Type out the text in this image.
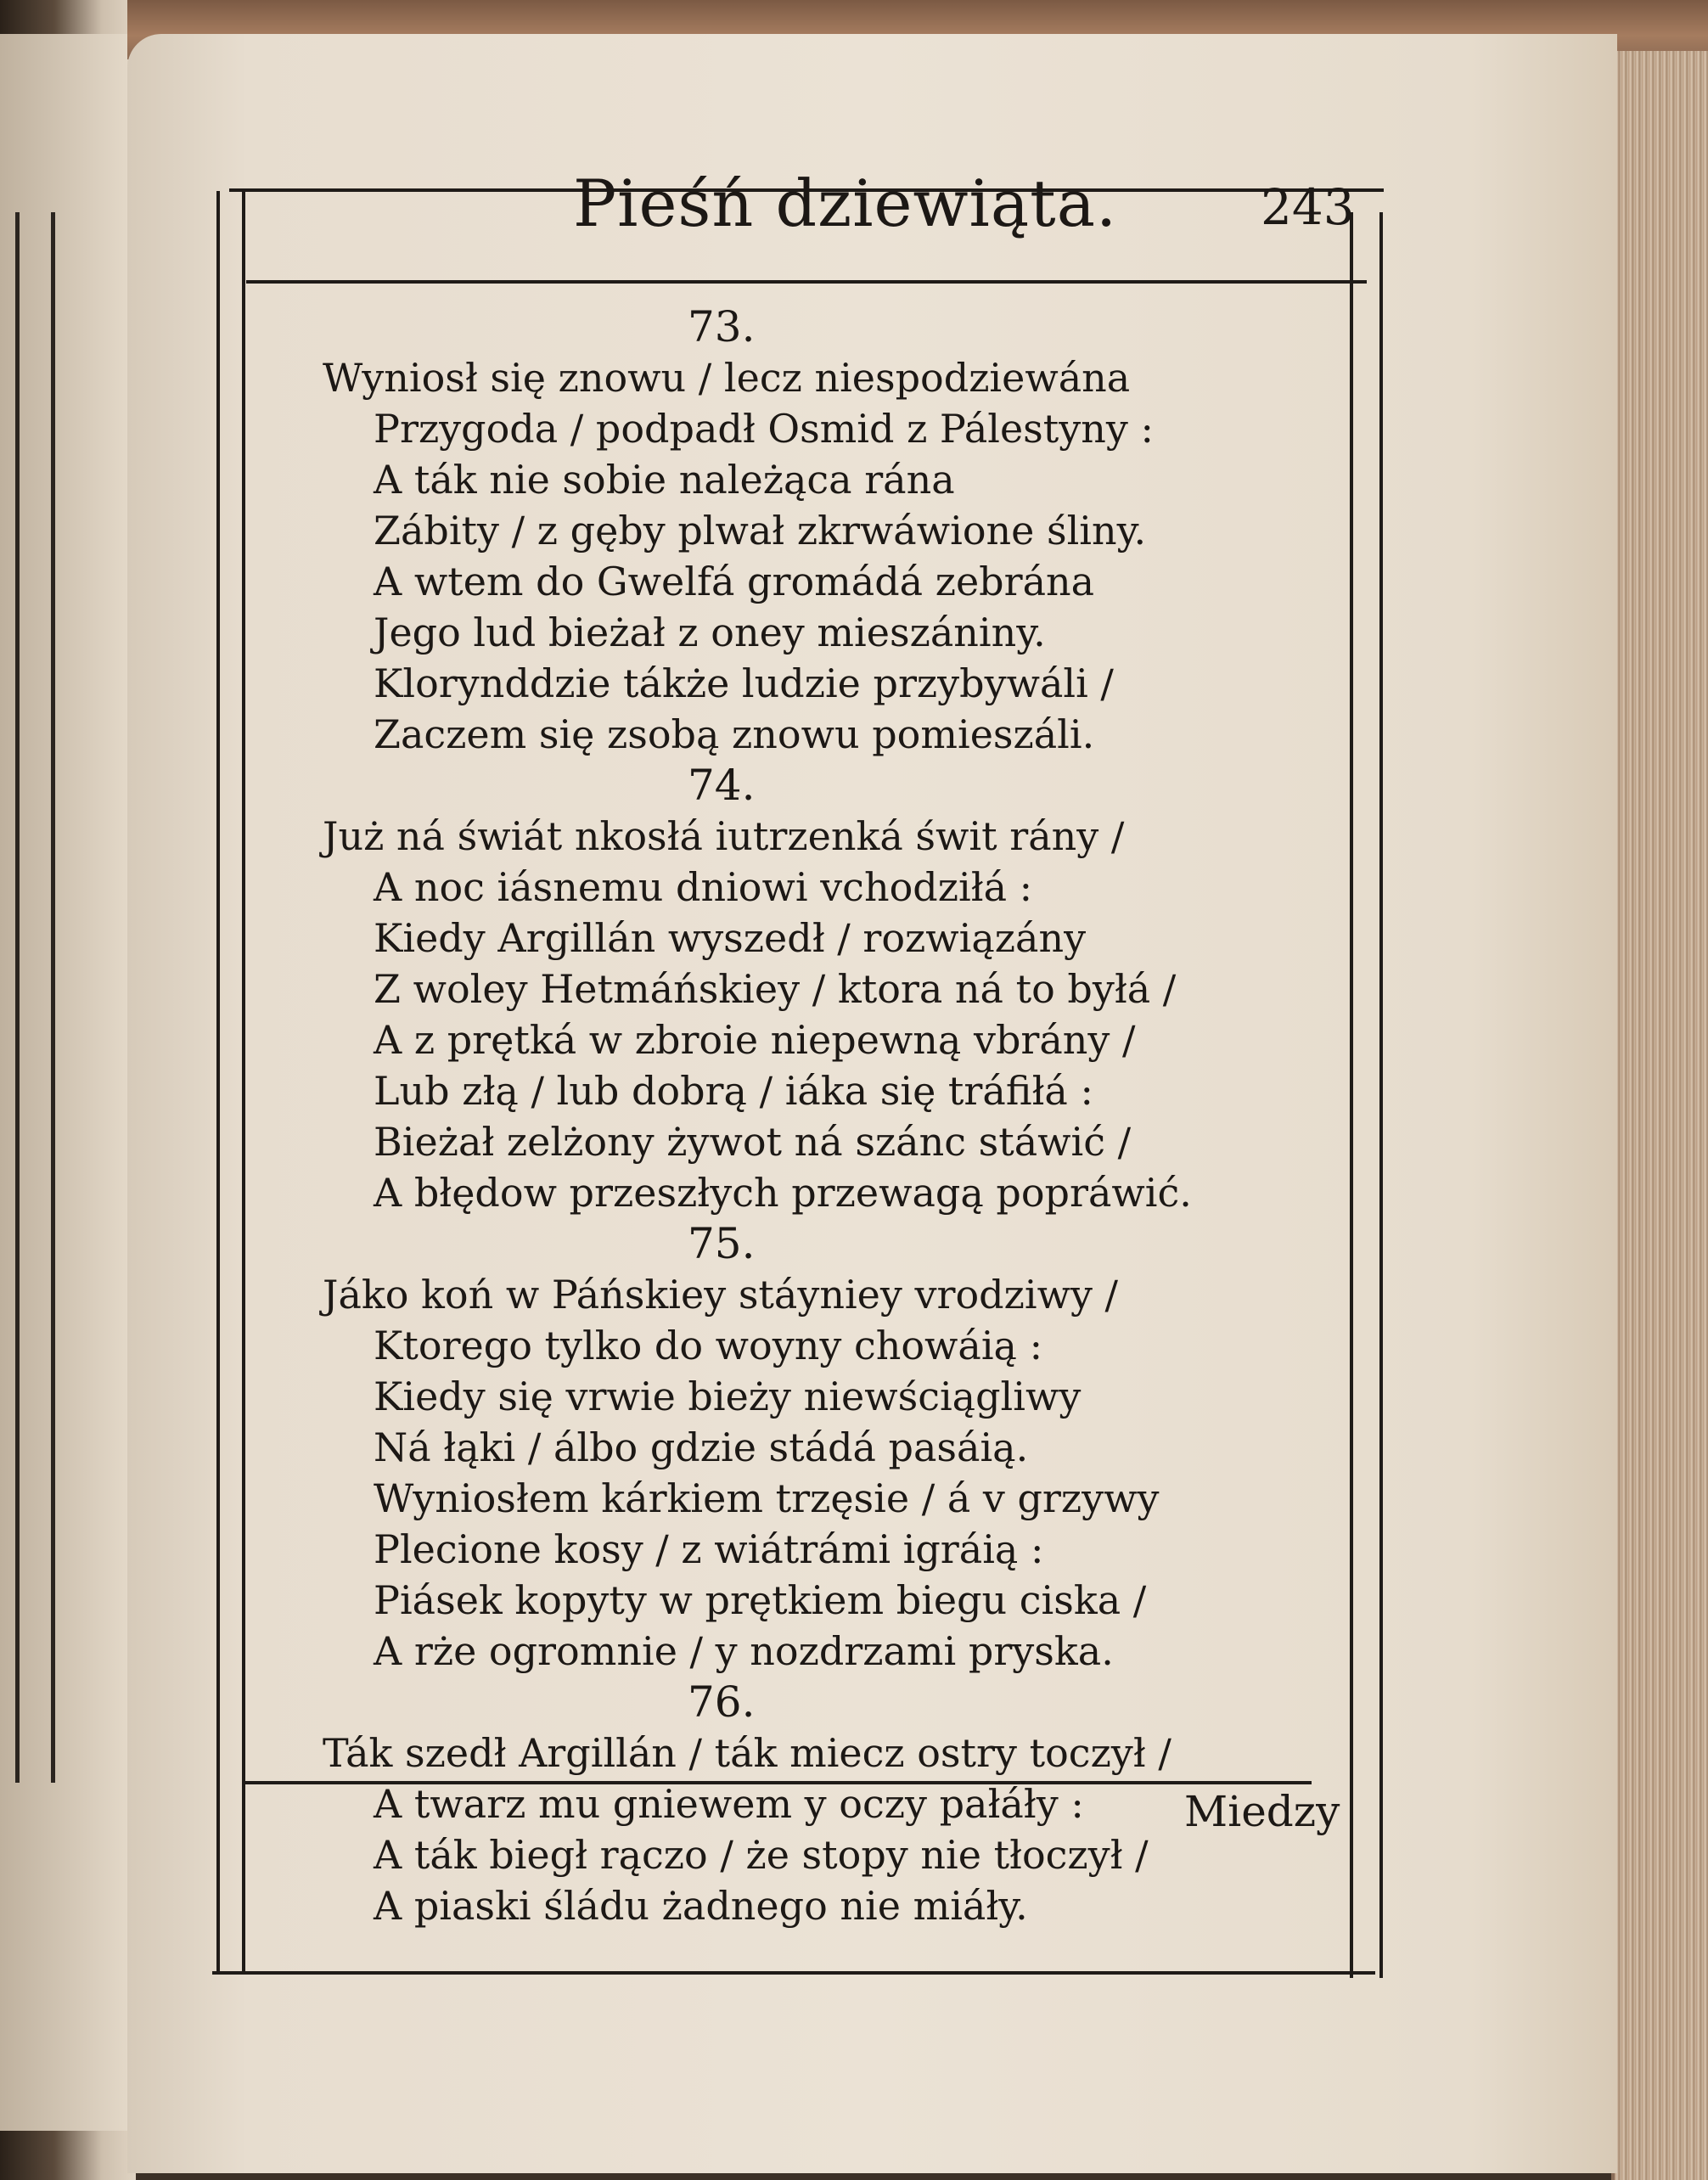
Pieśń dziewiąta.	243
73.
Wyniosł się znowu / lecz niespodziewána
Przygoda / podpadł Osmid z Pálestyny :
A ták nie sobie należąca rána
Zábity / z gęby plwał zkrwáwione śliny.
A wtem do Gwelfá gromádá zebrána
Jego lud bieżał z oney mieszániny.
Klorynddzie tákże ludzie przybywáli /
Zaczem się zsobą znowu pomieszáli.
74.
Już ná świát nkosłá iutrzenká świt rány /
A noc iásnemu dniowi vchodziłá :
Kiedy Argillán wyszedł / rozwiązány
Z woley Hetmáńskiey / ktora ná to byłá /
A z prętká w zbroie niepewną vbrány /
Lub złą / lub dobrą / iáka się tráfiłá :
Bieżał zelżony żywot ná szánc stáwić /
A błędow przeszłych przewagą popráwić.
75.
Jáko koń w Páńskiey stáyniey vrodziwy /
Ktorego tylko do woyny chowáią :
Kiedy się vrwie bieży niewściągliwy
Ná łąki / álbo gdzie stádá pasáią.
Wyniosłem kárkiem trzęsie / á v grzywy
Plecione kosy / z wiátrámi igráią :
Piásek kopyty w prętkiem biegu ciska /
A rże ogromnie / y nozdrzami pryska.
76.
Ták szedł Argillán / ták miecz ostry toczył /
A twarz mu gniewem y oczy pałáły :
A ták biegł rączo / że stopy nie tłoczył /
A piaski śládu żadnego nie miáły.
Miedzy
